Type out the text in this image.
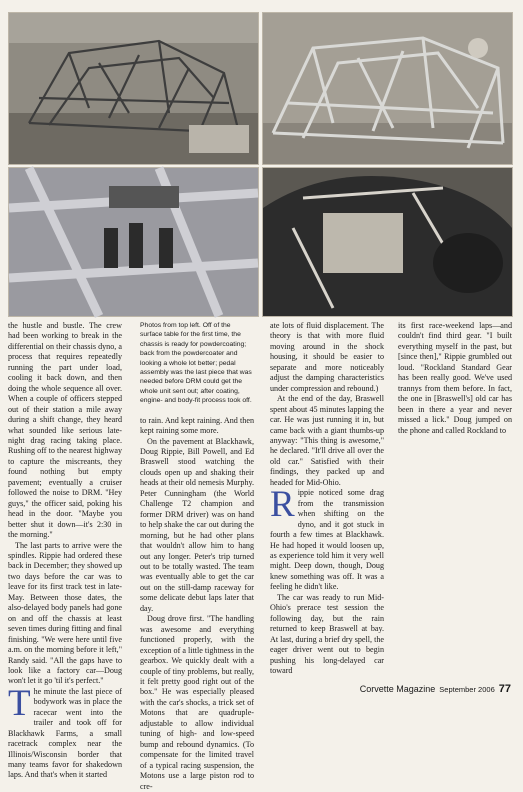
the hustle and bustle. The crew had been working to break in the differential on their chassis dyno, a process that requires repeatedly running the part under load, cooling it back down, and then doing the whole sequence all over. When a couple of officers stepped out of their station a mile away during a shift change, they heard what sounded like serious late-night drag racing taking place. Rushing off to the nearest highway to capture the miscreants, they found nothing but empty pavement; eventually a cruiser followed the noise to DRM. "Hey guys," the officer said, poking his head in the door. "Maybe you better shut it down—it's 2:30 in the morning."

The last parts to arrive were the spindles. Rippie had ordered these back in December; they showed up two days before the car was to leave for its first track test in late-May. Between those dates, the also-delayed body panels had gone on and off the chassis at least seven times during fitting and final finishing. "We were here until five a.m. on the morning before it left," Randy said. "All the gaps have to look like a factory car—Doug won't let it go 'til it's perfect."

The minute the last piece of bodywork was in place the racecar went into the trailer and took off for Blackhawk Farms, a small racetrack complex near the Illinois/Wisconsin border that many teams favor for shakedown laps. And that's when it started

Photos from top left. Off of the surface table for the first time, the chassis is ready for powdercoating; back from the powdercoater and looking a whole lot better; pedal assembly was the last piece that was needed before DRM could get the whole unit sent out; after coating, engine- and body-fit process took off.

to rain. And kept raining. And then kept raining some more.

On the pavement at Blackhawk, Doug Rippie, Bill Powell, and Ed Braswell stood watching the clouds open up and shaking their heads at their old nemesis Murphy. Peter Cunningham (the World Challenge T2 champion and former DRM driver) was on hand to help shake the car out during the morning, but he had other plans that wouldn't allow him to hang out any longer. Peter's trip turned out to be totally wasted. The team was eventually able to get the car out on the still-damp raceway for some delicate debut laps later that day.

Doug drove first. "The handling was awesome and everything functioned properly, with the exception of a little tightness in the gearbox. We quickly dealt with a couple of tiny problems, but really, it felt pretty good right out of the box." He was especially pleased with the car's shocks, a trick set of Motons that are quadruple-adjustable to allow individual tuning of high- and low-speed bump and rebound dynamics. (To compensate for the limited travel of a typical racing suspension, the Motons use a large piston rod to cre-

ate lots of fluid displacement. The theory is that with more fluid moving around in the shock housing, it should be easier to separate and more noticeably adjust the damping characteristics under compression and rebound.)

At the end of the day, Braswell spent about 45 minutes lapping the car. He was just running it in, but came back with a giant thumbs-up anyway: "This thing is awesome," he declared. "It'll drive all over the old car." Satisfied with their findings, they packed up and headed for Mid-Ohio.

Rippie noticed some drag from the transmission when shifting on the dyno, and it got stuck in fourth a few times at Blackhawk. He had hoped it would loosen up, as experience told him it very well might. Deep down, though, Doug knew something was off. It was a feeling he didn't like.

The car was ready to run Mid-Ohio's prerace test session the following day, but the rain returned to keep Braswell at bay. At last, during a brief dry spell, the eager driver went out to begin pushing his long-delayed car toward

its first race-weekend laps—and couldn't find third gear. "I built everything myself in the past, but [since then]," Rippie grumbled out loud. "Rockland Standard Gear has been really good. We've used trannys from them before. In fact, the one in [Braswell's] old car has been in there a year and never missed a lick." Doug jumped on the phone and called Rockland to

Corvette Magazine September 2006 77
